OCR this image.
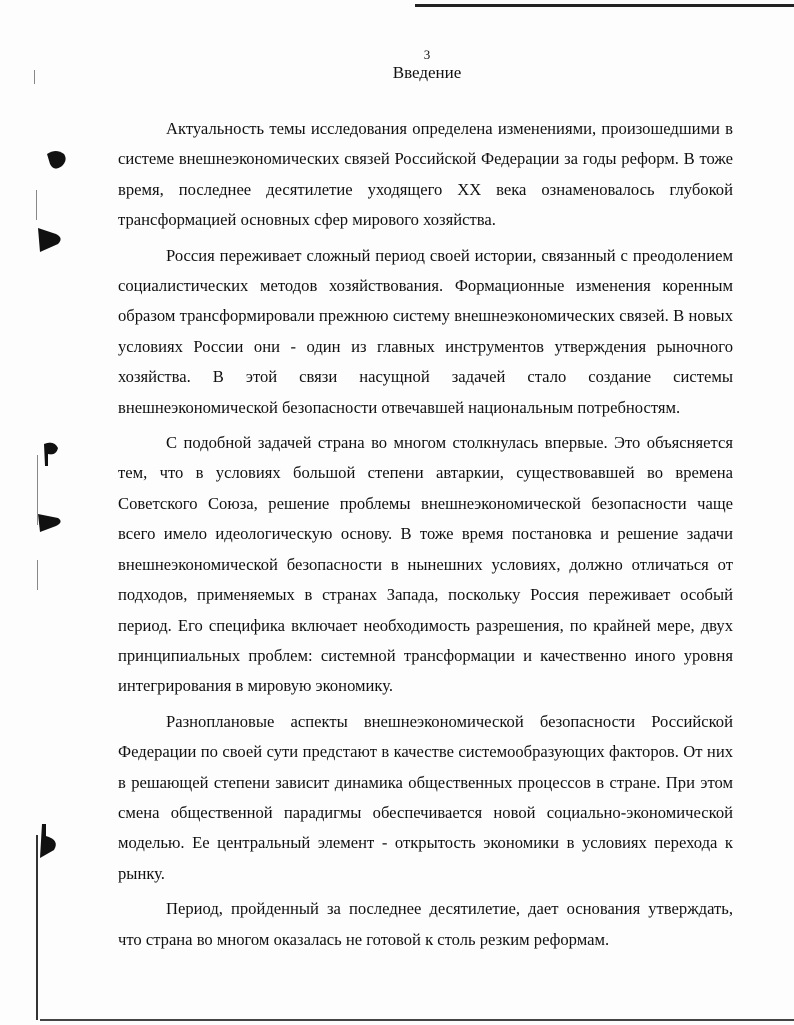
3
Введение

Актуальность темы исследования определена изменениями, произошедшими в системе внешнеэкономических связей Российской Федерации за годы реформ. В тоже время, последнее десятилетие уходящего XX века ознаменовалось глубокой трансформацией основных сфер мирового хозяйства.

Россия переживает сложный период своей истории, связанный с преодолением социалистических методов хозяйствования. Формационные изменения коренным образом трансформировали прежнюю систему внешнеэкономических связей. В новых условиях России они - один из главных инструментов утверждения рыночного хозяйства. В этой связи насущной задачей стало создание системы внешнеэкономической безопасности отвечавшей национальным потребностям.

С подобной задачей страна во многом столкнулась впервые. Это объясняется тем, что в условиях большой степени автаркии, существовавшей во времена Советского Союза, решение проблемы внешнеэкономической безопасности чаще всего имело идеологическую основу. В тоже время постановка и решение задачи внешнеэкономической безопасности в нынешних условиях, должно отличаться от подходов, применяемых в странах Запада, поскольку Россия переживает особый период. Его специфика включает необходимость разрешения, по крайней мере, двух принципиальных проблем: системной трансформации и качественно иного уровня интегрирования в мировую экономику.

Разноплановые аспекты внешнеэкономической безопасности Российской Федерации по своей сути предстают в качестве системообразующих факторов. От них в решающей степени зависит динамика общественных процессов в стране. При этом смена общественной парадигмы обеспечивается новой социально-экономической моделью. Ее центральный элемент - открытость экономики в условиях перехода к рынку.

Период, пройденный за последнее десятилетие, дает основания утверждать, что страна во многом оказалась не готовой к столь резким реформам.
